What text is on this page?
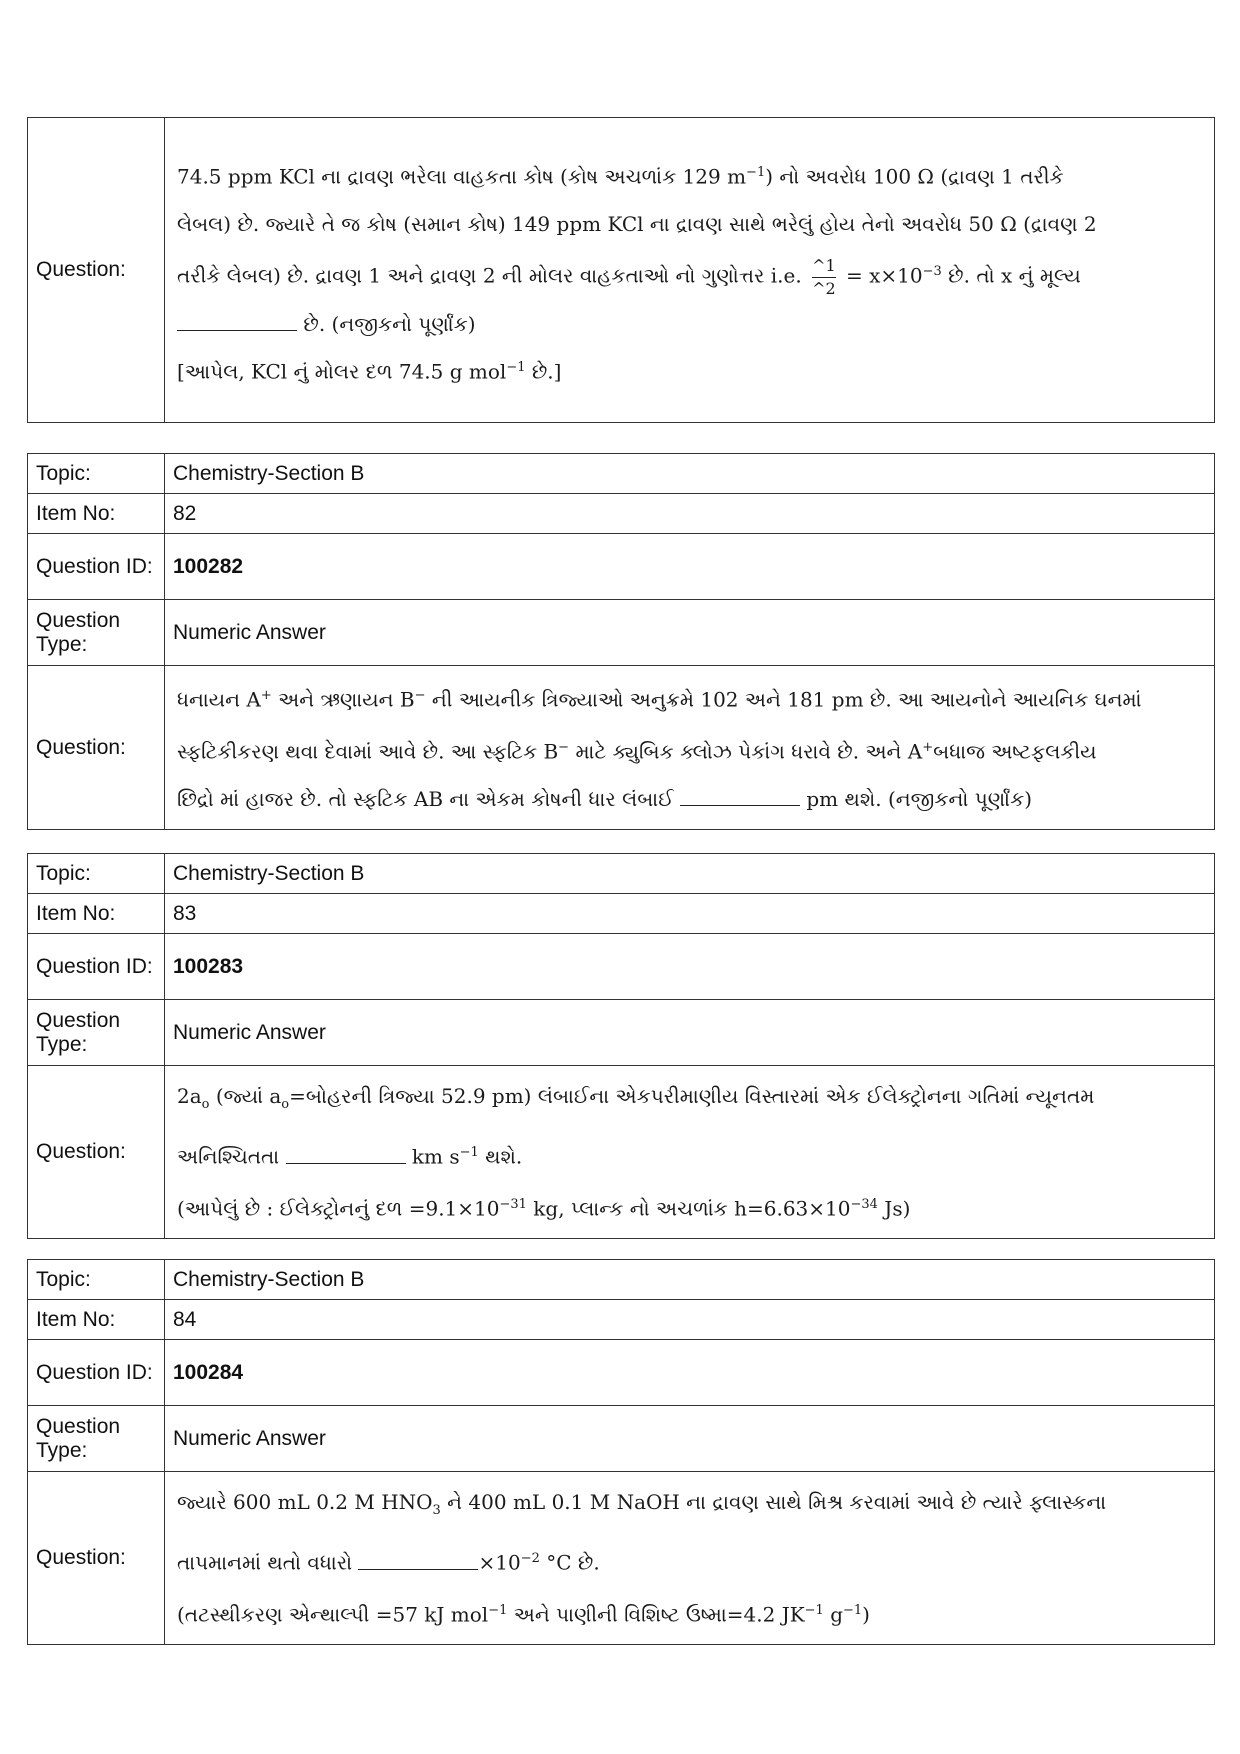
Question:	

74.5 ppm KCl ના દ્રાવણ ભરેલા વાહકતા કોષ (કોષ અચળાંક 129 $m^{-1}$) નો અવરોધ 100 Ω (દ્રાવણ 1 તરીકે

લેબલ) છે. જ્યારે તે જ કોષ (સમાન કોષ) 149 ppm KCl ના દ્રાવણ સાથે ભરેલું હોય તેનો અવરોધ 50 Ω (દ્રાવણ 2

તરીકે લેબલ) છે. દ્રાવણ 1 અને દ્રાવણ 2 ની મોલર વાહકતાઓ નો ગુણોત્તર i.e. $\frac{\^{}1}{\^{}2} = x\times 10^{-3}$ છે. તો x નું મૂલ્ય

છે. (નજીકનો પૂર્ણાંક)

[આપેલ, KCl નું મોલર દળ 74.5 g mol$^{-1}$ છે.]

Topic:	Chemistry-Section B
Item No:	82
Question ID:	100282
Question Type:	Numeric Answer
Question:	ધનાયન A+ અને ઋણાયન B− ની આયનીક ત્રિજ્યાઓ અનુક્રમે 102 અને 181 pm છે. આ આયનોને આયનિક ઘનમાં

સ્ફટિકીકરણ થવા દેવામાં આવે છે. આ સ્ફટિક B− માટે ક્યુબિક ક્લોઝ પેકાંગ ધરાવે છે. અને A+બધાજ અષ્ટફલકીય

છિદ્રો માં હાજર છે. તો સ્ફટિક AB ના એકમ કોષની ધાર લંબાઈ pm થશે. (નજીકનો પૂર્ણાંક)

Topic:	Chemistry-Section B
Item No:	83
Question ID:	100283
Question Type:	Numeric Answer
Question:	$2a_o$ (જ્યાં $a_o=બોહરની$ ત્રિજ્યા 52.9 pm) લંબાઈના એકપરીમાણીય વિસ્તારમાં એક ઈલેક્ટ્રોનના ગતિમાં ન્યૂનતમ

અનિશ્ચિતતા km $s^{-1}$ થશે.

(આપેલું છે : ઈલેક્ટ્રોનનું દળ $=9.1\times 10^{-31}$ kg, પ્લાન્ક નો અચળાંક $h=6.63\times 10^{-34}$ Js)

Topic:	Chemistry-Section B
Item No:	84
Question ID:	100284
Question Type:	Numeric Answer
Question:	જ્યારે 600 mL 0.2 M $HNO_3$ ને 400 mL 0.1 M NaOH ના દ્રાવણ સાથે મિશ્ર કરવામાં આવે છે ત્યારે ફ્લાસ્કના

તાપમાનમાં થતો વધારો $\times 10^{-2}$ °C છે.

(તટસ્થીકરણ એન્થાલ્પી =57 kJ mol$^{-1}$ અને પાણીની વિશિષ્ટ ઉષ્મા=4.2 $JK^{-1}$ $g^{-1}$)
